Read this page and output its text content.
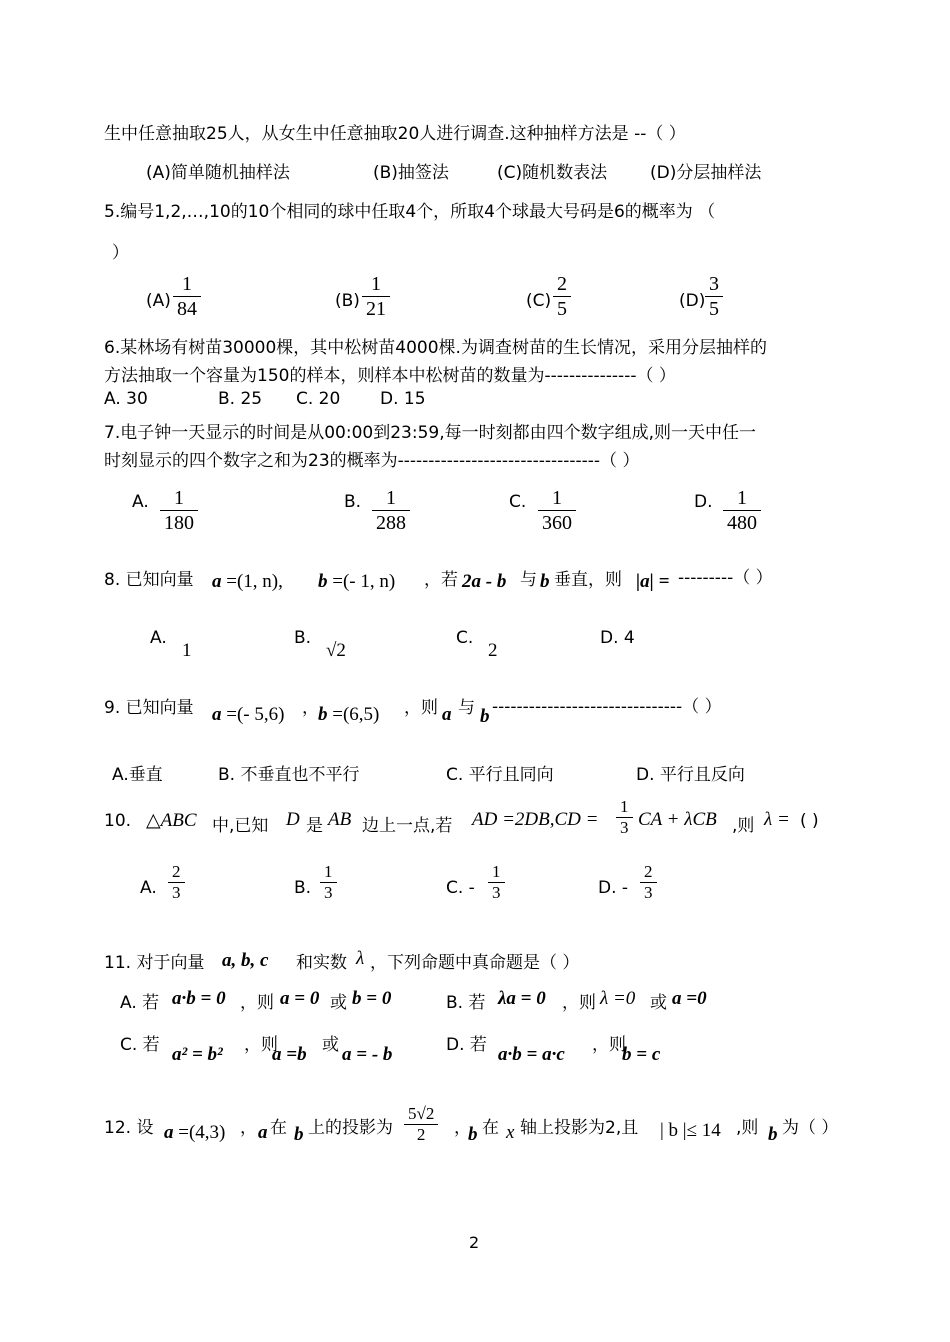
生中任意抽取25人，从女生中任意抽取20人进行调查.这种抽样方法是 --（ ）
(A)简单随机抽样法	(B)抽签法	(C)随机数表法	(D)分层抽样法
5.编号1,2,…,10的10个相同的球中任取4个，所取4个球最大号码是6的概率为 （
）
(A)
1
84	(B)
1
21	(C)
2
5	(D)
3
5
6.某林场有树苗30000棵，其中松树苗4000棵.为调查树苗的生长情况，采用分层抽样的
方法抽取一个容量为150的样本，则样本中松树苗的数量为---------------（ ）
A. 30	B. 25 C. 20 D. 15
7.电子钟一天显示的时间是从00:00到23:59,每一时刻都由四个数字组成,则一天中任一
时刻显示的四个数字之和为23的概率为---------------------------------（ ）
A.	1
180
B.	1
288
C.	1
360
D.	1
480
8. 已知向量 a =(1, n), b =(- 1, n) ，若 2a - b 与 b 垂直，则 |a| = ---------（ ）
A.
1
B.
√2
C.
2
D. 4
9. 已知向量 a =(- 5,6) ， b =(6,5) ，则 a 与 b -------------------------------（ ）
A.垂直	B. 不垂直也不平行	C. 平行且同向	D. 平行且反向
10. △ABC 中,已知 D 是 AB 边上一点,若 AD =2DB,CD =
1
3 CA + λCB ,则 λ = ( )
A.
2
3	B.
1
3	C. -
1
3	D. -
2
3
11. 对于向量 a, b, c 和实数 λ ，下列命题中真命题是（ ）
A. 若 a·b = 0 ，则 a = 0 或 b = 0	B. 若 λa = 0 ，则 λ =0 或 a =0
C. 若 a² = b² ，则
a =b 或 a = - b	D. 若 a·b = a·c ，则
b = c
12. 设 a =(4,3) ， a 在 b 上的投影为
5√2
2	，
b 在 x 轴上投影为2,且 | b |≤ 14 ,则 b 为（ ）
2
